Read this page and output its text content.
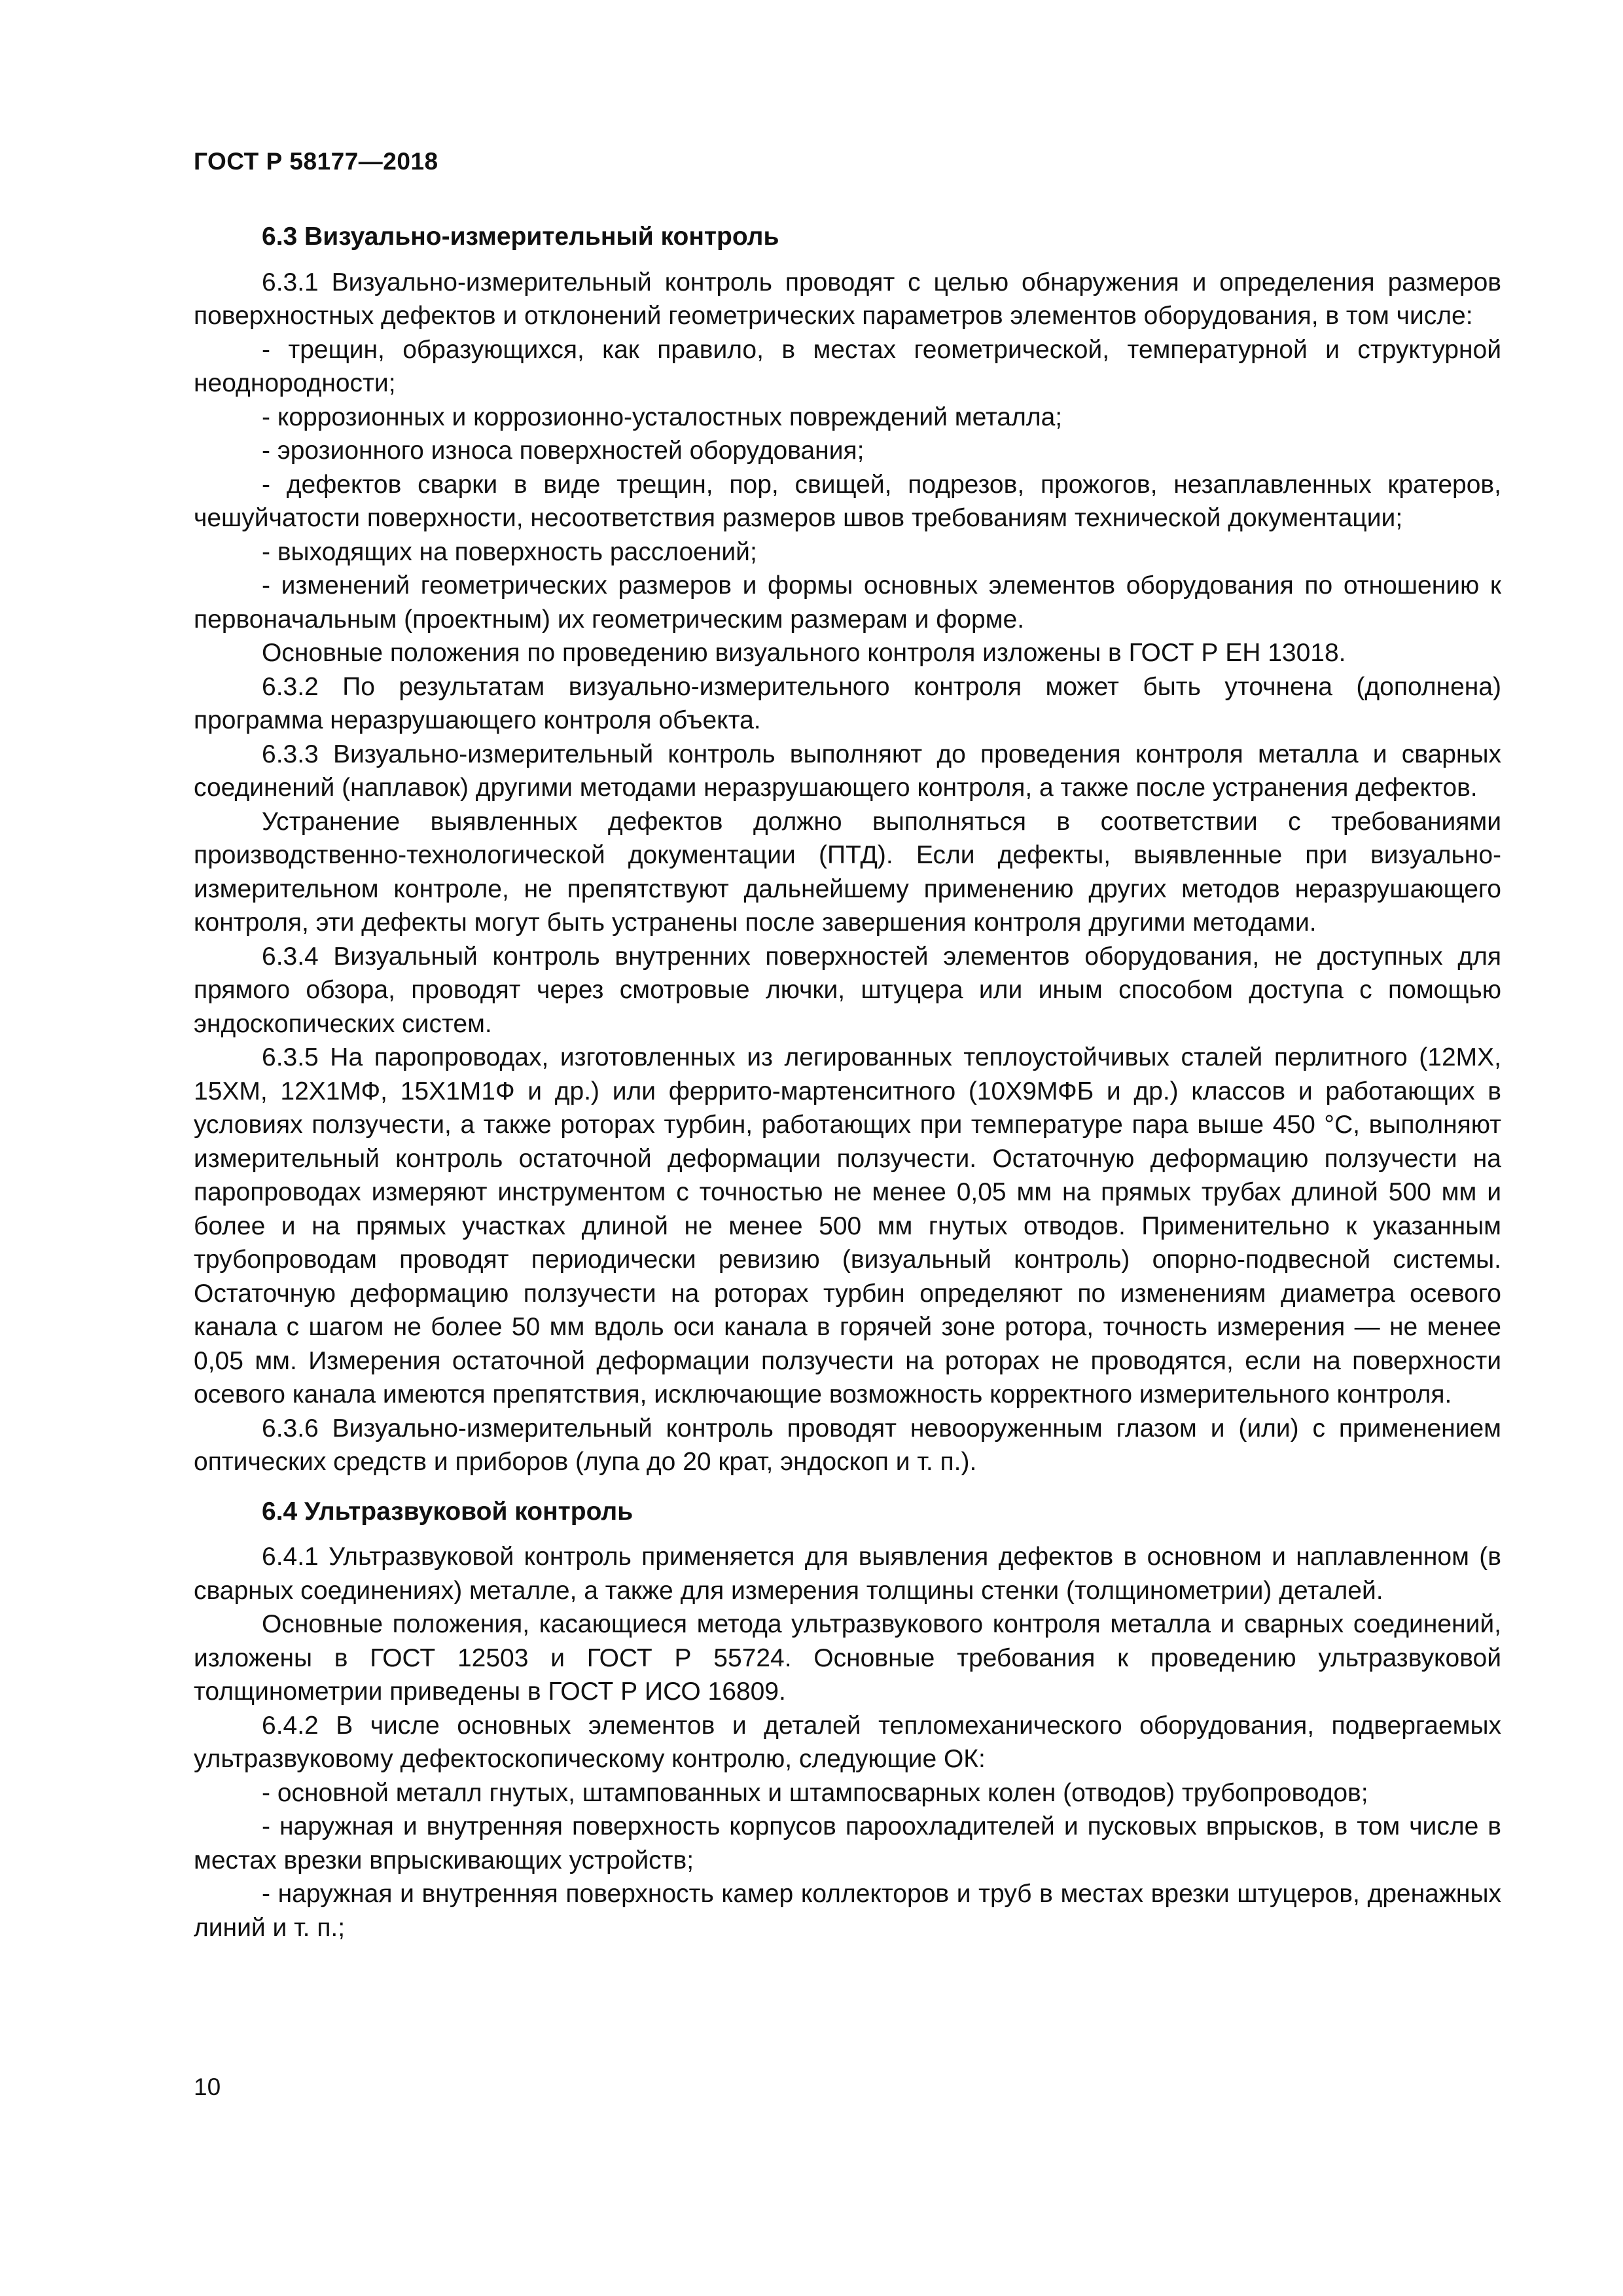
ГОСТ Р 58177—2018
6.3 Визуально-измерительный контроль

6.3.1 Визуально-измерительный контроль проводят с целью обнаружения и определения размеров поверхностных дефектов и отклонений геометрических параметров элементов оборудования, в том числе:

- трещин, образующихся, как правило, в местах геометрической, температурной и структурной неоднородности;

- коррозионных и коррозионно-усталостных повреждений металла;

- эрозионного износа поверхностей оборудования;

- дефектов сварки в виде трещин, пор, свищей, подрезов, прожогов, незаплавленных кратеров, чешуйчатости поверхности, несоответствия размеров швов требованиям технической документации;

- выходящих на поверхность расслоений;

- изменений геометрических размеров и формы основных элементов оборудования по отношению к первоначальным (проектным) их геометрическим размерам и форме.

Основные положения по проведению визуального контроля изложены в ГОСТ Р ЕН 13018.

6.3.2 По результатам визуально-измерительного контроля может быть уточнена (дополнена) программа неразрушающего контроля объекта.

6.3.3 Визуально-измерительный контроль выполняют до проведения контроля металла и сварных соединений (наплавок) другими методами неразрушающего контроля, а также после устранения дефектов.

Устранение выявленных дефектов должно выполняться в соответствии с требованиями производственно-технологической документации (ПТД). Если дефекты, выявленные при визуально-измерительном контроле, не препятствуют дальнейшему применению других методов неразрушающего контроля, эти дефекты могут быть устранены после завершения контроля другими методами.

6.3.4 Визуальный контроль внутренних поверхностей элементов оборудования, не доступных для прямого обзора, проводят через смотровые лючки, штуцера или иным способом доступа с помощью эндоскопических систем.

6.3.5 На паропроводах, изготовленных из легированных теплоустойчивых сталей перлитного (12МХ, 15ХМ, 12Х1МФ, 15Х1М1Ф и др.) или феррито-мартенситного (10Х9МФБ и др.) классов и работающих в условиях ползучести, а также роторах турбин, работающих при температуре пара выше 450 °С, выполняют измерительный контроль остаточной деформации ползучести. Остаточную деформацию ползучести на паропроводах измеряют инструментом с точностью не менее 0,05 мм на прямых трубах длиной 500 мм и более и на прямых участках длиной не менее 500 мм гнутых отводов. Применительно к указанным трубопроводам проводят периодически ревизию (визуальный контроль) опорно-подвесной системы. Остаточную деформацию ползучести на роторах турбин определяют по изменениям диаметра осевого канала с шагом не более 50 мм вдоль оси канала в горячей зоне ротора, точность измерения — не менее 0,05 мм. Измерения остаточной деформации ползучести на роторах не проводятся, если на поверхности осевого канала имеются препятствия, исключающие возможность корректного измерительного контроля.

6.3.6 Визуально-измерительный контроль проводят невооруженным глазом и (или) с применением оптических средств и приборов (лупа до 20 крат, эндоскоп и т. п.).

6.4 Ультразвуковой контроль

6.4.1 Ультразвуковой контроль применяется для выявления дефектов в основном и наплавленном (в сварных соединениях) металле, а также для измерения толщины стенки (толщинометрии) деталей.

Основные положения, касающиеся метода ультразвукового контроля металла и сварных соединений, изложены в ГОСТ 12503 и ГОСТ Р 55724. Основные требования к проведению ультразвуковой толщинометрии приведены в ГОСТ Р ИСО 16809.

6.4.2 В числе основных элементов и деталей тепломеханического оборудования, подвергаемых ультразвуковому дефектоскопическому контролю, следующие ОК:

- основной металл гнутых, штампованных и штампосварных колен (отводов) трубопроводов;

- наружная и внутренняя поверхность корпусов пароохладителей и пусковых впрысков, в том числе в местах врезки впрыскивающих устройств;

- наружная и внутренняя поверхность камер коллекторов и труб в местах врезки штуцеров, дренажных линий и т. п.;

10
